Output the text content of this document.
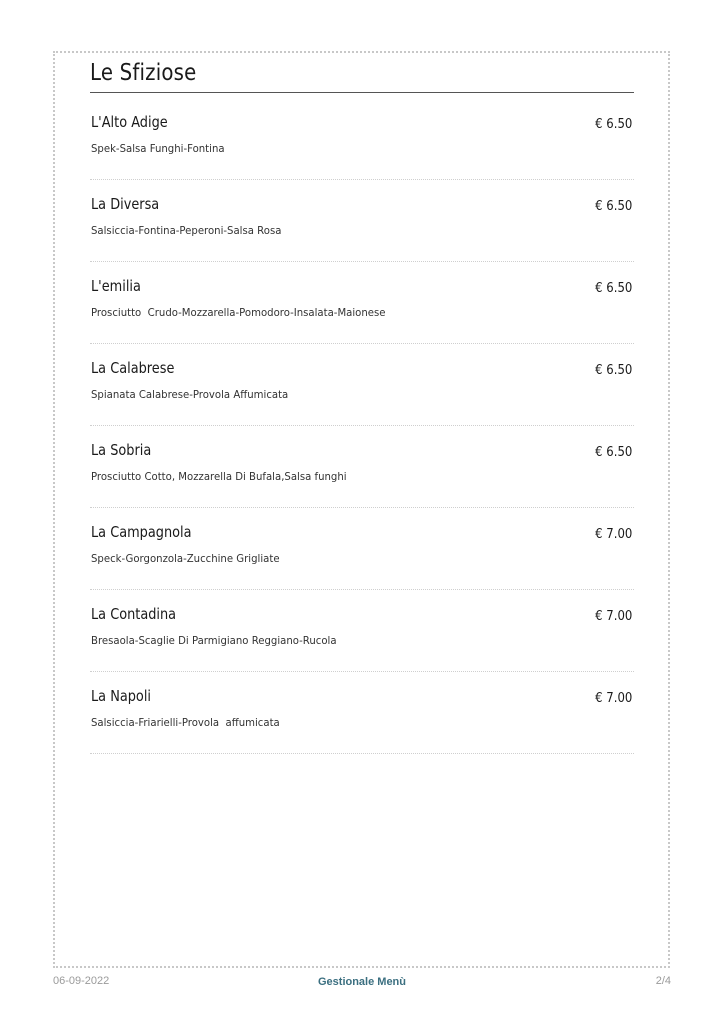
Le Sfiziose
L'Alto Adige	€ 6.50
Spek-Salsa Funghi-Fontina
La Diversa	€ 6.50
Salsiccia-Fontina-Peperoni-Salsa Rosa
L'emilia	€ 6.50
Prosciutto  Crudo-Mozzarella-Pomodoro-Insalata-Maionese
La Calabrese	€ 6.50
Spianata Calabrese-Provola Affumicata
La Sobria	€ 6.50
Prosciutto Cotto, Mozzarella Di Bufala,Salsa funghi
La Campagnola	€ 7.00
Speck-Gorgonzola-Zucchine Grigliate
La Contadina	€ 7.00
Bresaola-Scaglie Di Parmigiano Reggiano-Rucola
La Napoli	€ 7.00
Salsiccia-Friarielli-Provola  affumicata
06-09-2022	Gestionale Menù	2/4
